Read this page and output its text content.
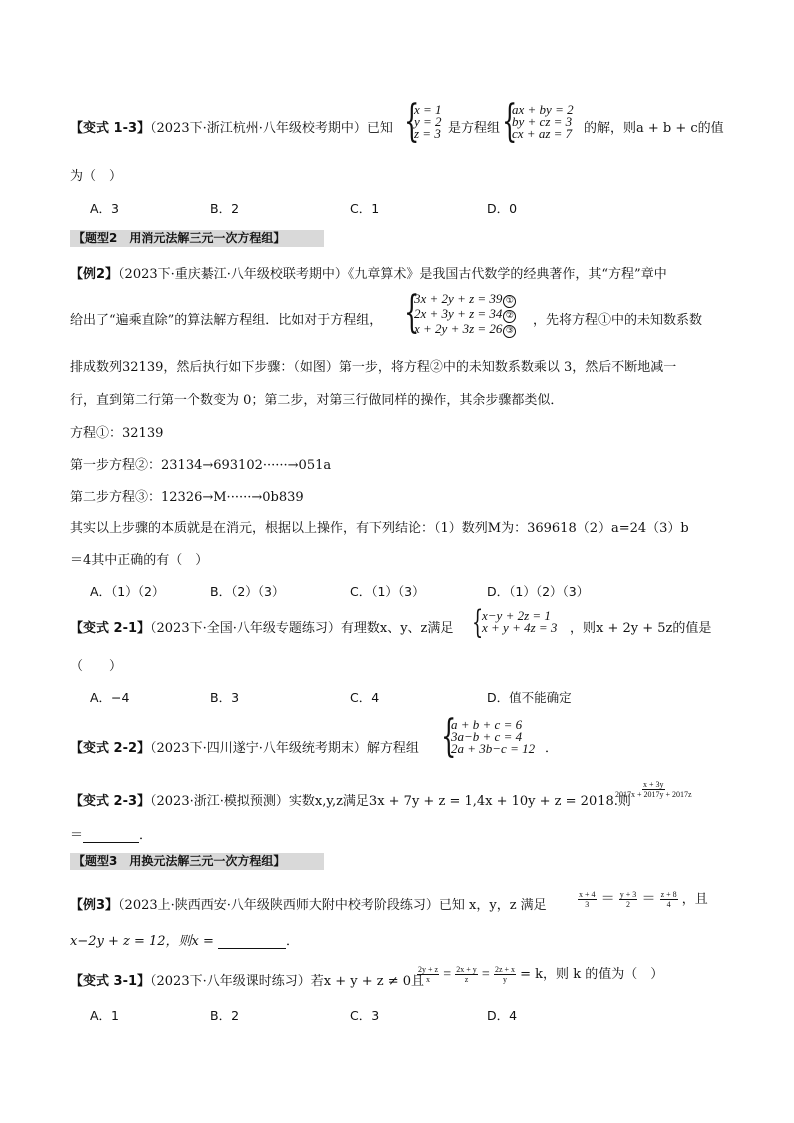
【变式 1-3】（2023下·浙江杭州·八年级校考期中）已知 {
x = 1
y = 2
z = 3 是方程组 {
ax + by = 2
by + cz = 3
cx + az = 7 的解，则a + b + c的值
为（　）
A．3	B．2	C．1	D．0
【题型2　用消元法解三元一次方程组】
【例2】（2023下·重庆綦江·八年级校联考期中）《九章算术》是我国古代数学的经典著作，其“方程”章中
给出了“遍乘直除”的算法解方程组．比如对于方程组， {
3x + 2y + z = 39 ①
2x + 3y + z = 34 ②
x + 2y + 3z = 26 ③
，先将方程①中的未知数系数
排成数列32139，然后执行如下步骤：（如图）第一步，将方程②中的未知数系数乘以 3，然后不断地减一
行，直到第二行第一个数变为 0；第二步，对第三行做同样的操作，其余步骤都类似．
方程①：32139
第一步方程②：23134→693102······→051a
第二步方程③：12326→M······→0b839
其实以上步骤的本质就是在消元，根据以上操作，有下列结论：（1）数列M为：369618（2）a=24（3）b
＝4其中正确的有（　）
A．（1）（2）	B．（2）（3）	C．（1）（3）	D．（1）（2）（3）
【变式 2-1】（2023下·全国·八年级专题练习）有理数x、y、z满足 {
x−y + 2z = 1
x + y + 4z = 3 ，则x + 2y + 5z的值是
（　　）
A．−4	B．3	C．4	D．值不能确定
【变式 2-2】（2023下·四川遂宁·八年级统考期末）解方程组 {
a + b + c = 6
3a−b + c = 4
2a + 3b−c = 12 ．
【变式 2-3】（2023·浙江·模拟预测）实数x,y,z满足3x + 7y + z = 1,4x + 10y + z = 2018.则
$\frac{x + 3y}{2017x + 2017y + 2017z}$
＝	．
【题型3　用换元法解三元一次方程组】
【例3】（2023上·陕西西安·八年级陕西师大附中校考阶段练习）已知 x，y，z 满足	$\frac{x + 4}{3} = \frac{y + 3}{2} = \frac{z + 8}{4}$ ，且
x−2y + z = 12，则x =	．
【变式 3-1】（2023下·八年级课时练习）若x + y + z ≠ 0且
$\frac{2y + z}{x} = \frac{2x + y}{z} = \frac{2z + x}{y} = k$，则 k 的值为（　）
A．1	B．2	C．3	D．4
